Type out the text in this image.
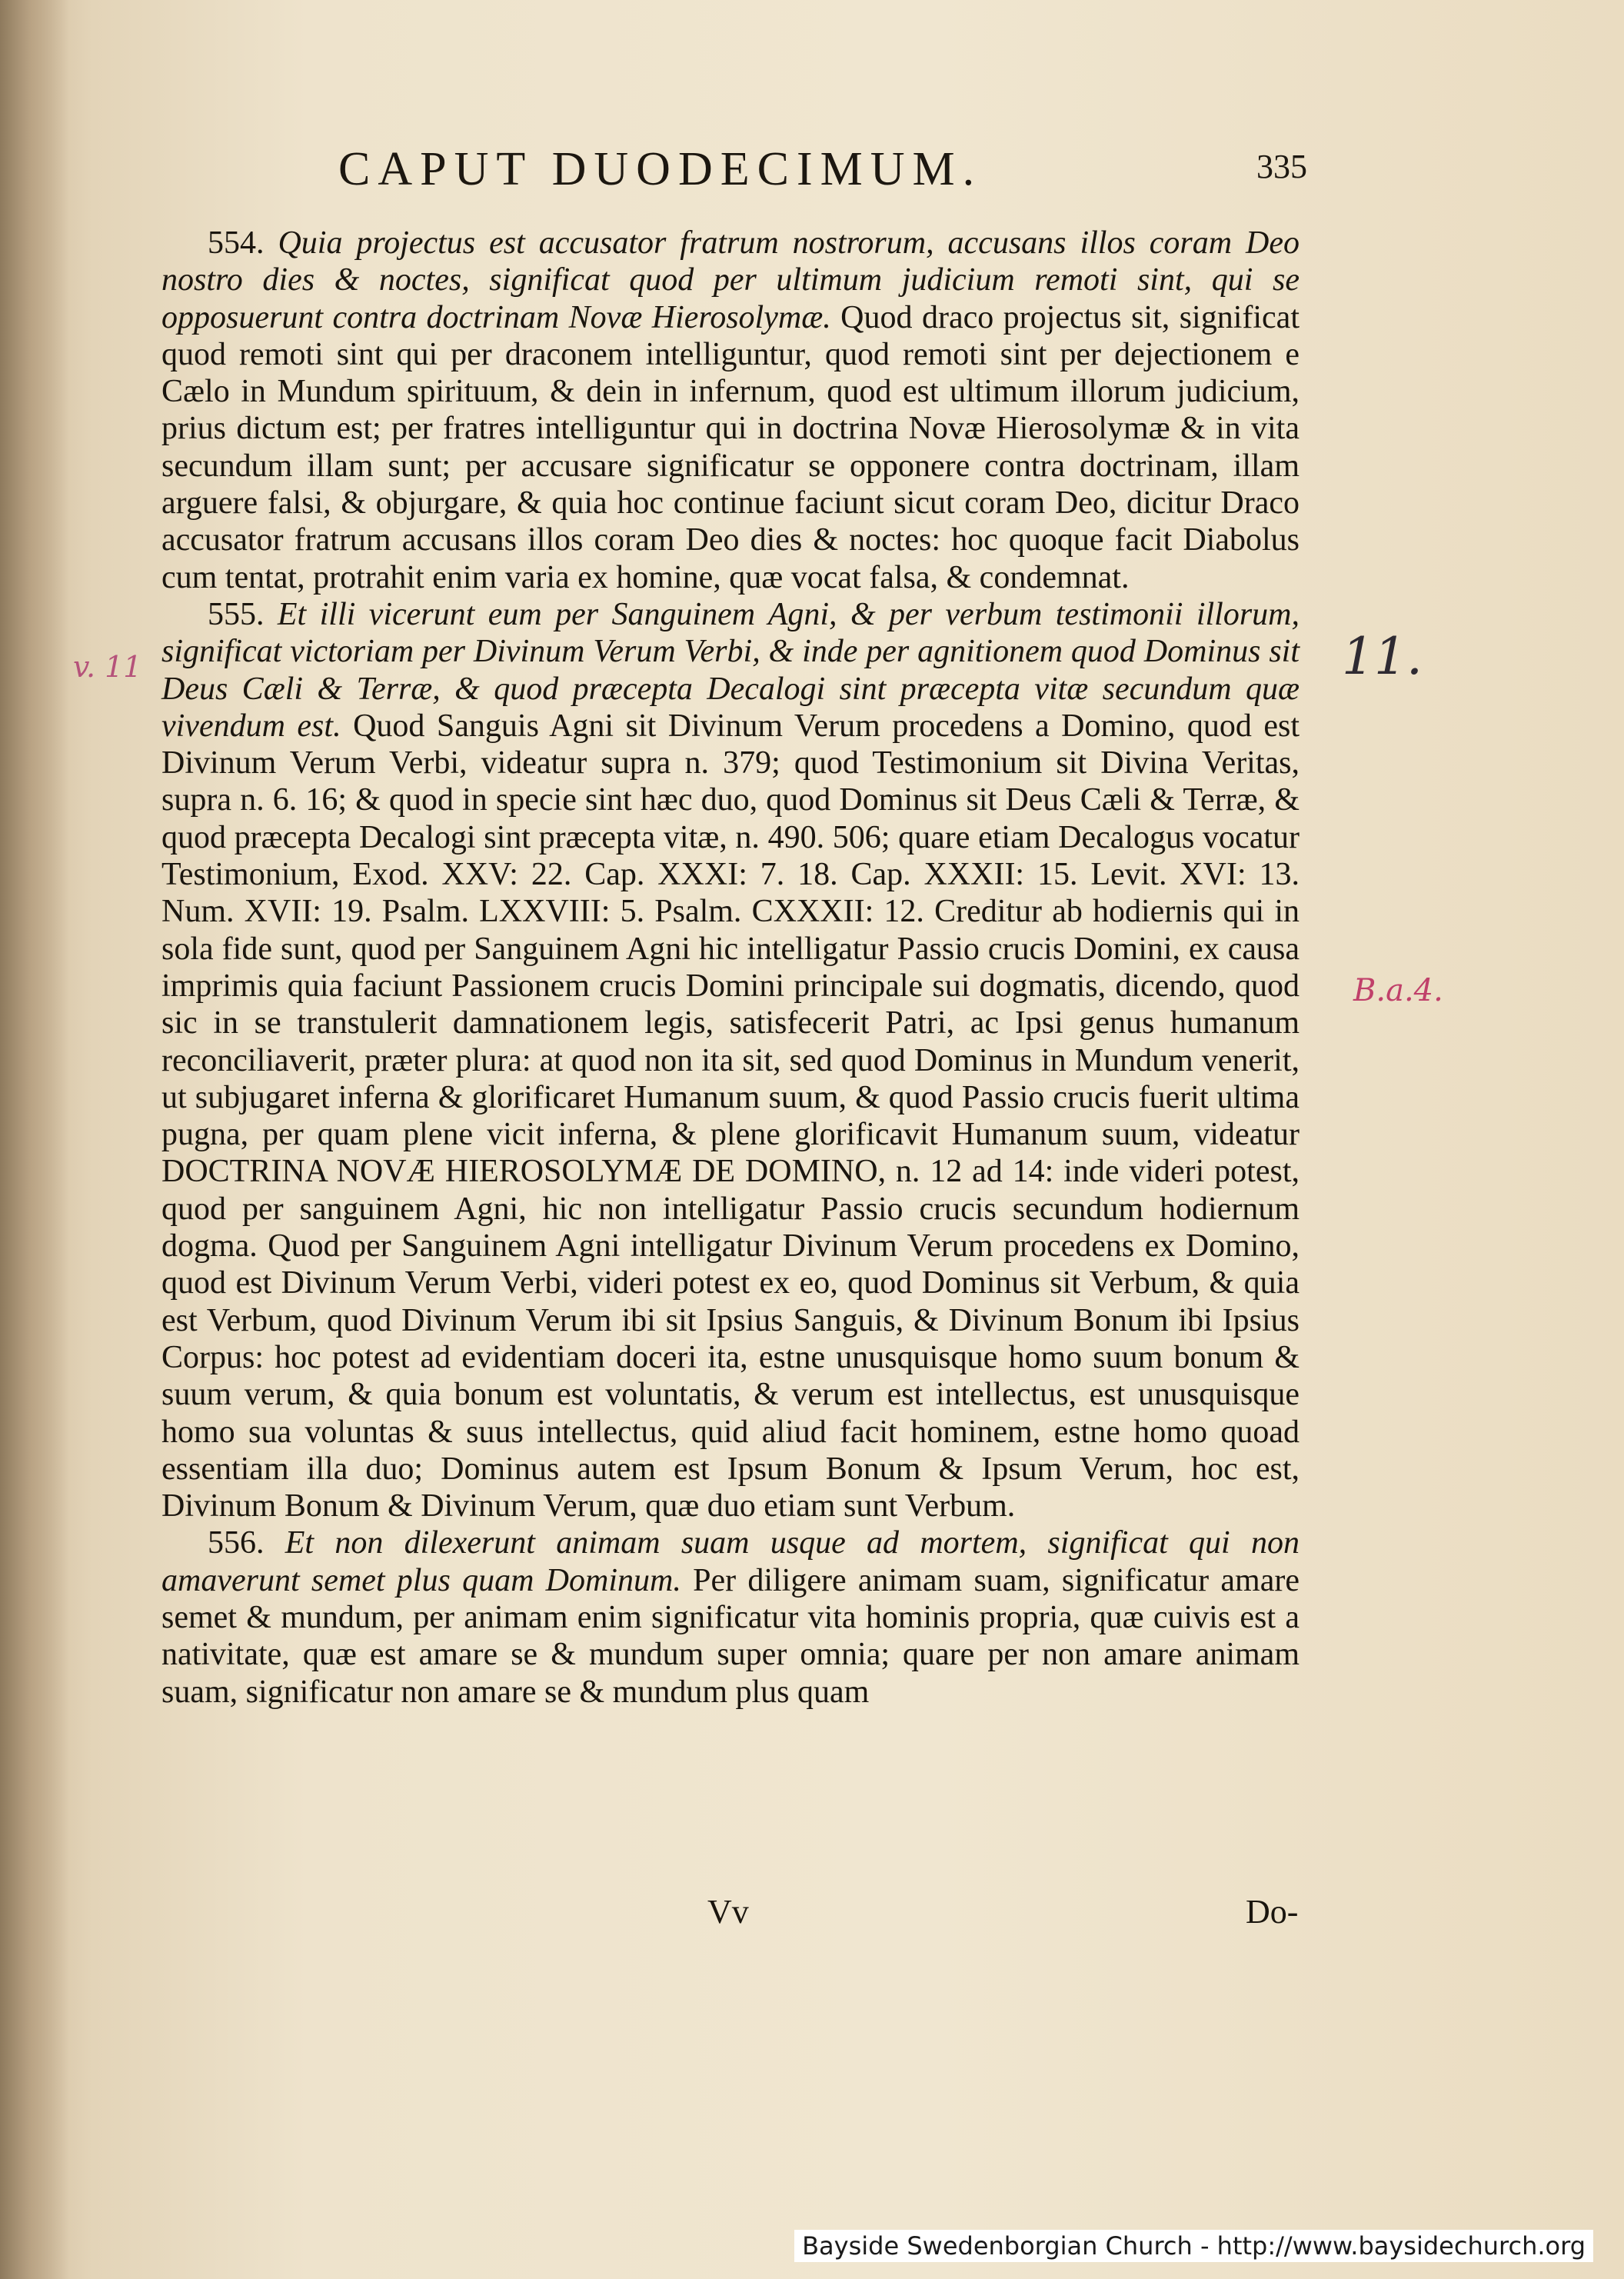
CAPUT DUODECIMUM.	335

554. Quia projectus est accusator fratrum nostrorum, accusans illos coram Deo nostro dies & noctes, significat quod per ultimum judicium remoti sint, qui se opposuerunt contra doctrinam Novæ Hierosolymæ. Quod draco projectus sit, significat quod remoti sint qui per draconem intelliguntur, quod remoti sint per dejectionem e Cælo in Mundum spirituum, & dein in infernum, quod est ultimum illorum judicium, prius dictum est; per fratres intelliguntur qui in doctrina Novæ Hierosolymæ & in vita secundum illam sunt; per accusare significatur se opponere contra doctrinam, illam arguere falsi, & objurgare, & quia hoc continue faciunt sicut coram Deo, dicitur Draco accusator fratrum accusans illos coram Deo dies & noctes: hoc quoque facit Diabolus cum tentat, protrahit enim varia ex homine, quæ vocat falsa, & condemnat.

555. Et illi vicerunt eum per Sanguinem Agni, & per verbum testimonii illorum, significat victoriam per Divinum Verum Verbi, & inde per agnitionem quod Dominus sit Deus Cæli & Terræ, & quod præcepta Decalogi sint præcepta vitæ secundum quæ vivendum est. Quod Sanguis Agni sit Divinum Verum procedens a Domino, quod est Divinum Verum Verbi, videatur supra n. 379; quod Testimonium sit Divina Veritas, supra n. 6. 16; & quod in specie sint hæc duo, quod Dominus sit Deus Cæli & Terræ, & quod præcepta Decalogi sint præcepta vitæ, n. 490. 506; quare etiam Decalogus vocatur Testimonium, Exod. XXV: 22. Cap. XXXI: 7. 18. Cap. XXXII: 15. Levit. XVI: 13. Num. XVII: 19. Psalm. LXXVIII: 5. Psalm. CXXXII: 12. Creditur ab hodiernis qui in sola fide sunt, quod per Sanguinem Agni hic intelligatur Passio crucis Domini, ex causa imprimis quia faciunt Passionem crucis Domini principale sui dogmatis, dicendo, quod sic in se transtulerit damnationem legis, satisfecerit Patri, ac Ipsi genus humanum reconciliaverit, præter plura: at quod non ita sit, sed quod Dominus in Mundum venerit, ut subjugaret inferna & glorificaret Humanum suum, & quod Passio crucis fuerit ultima pugna, per quam plene vicit inferna, & plene glorificavit Humanum suum, videatur DOCTRINA NOVÆ HIEROSOLYMÆ DE DOMINO, n. 12 ad 14: inde videri potest, quod per sanguinem Agni, hic non intelligatur Passio crucis secundum hodiernum dogma. Quod per Sanguinem Agni intelligatur Divinum Verum procedens ex Domino, quod est Divinum Verum Verbi, videri potest ex eo, quod Dominus sit Verbum, & quia est Verbum, quod Divinum Verum ibi sit Ipsius Sanguis, & Divinum Bonum ibi Ipsius Corpus: hoc potest ad evidentiam doceri ita, estne unusquisque homo suum bonum & suum verum, & quia bonum est voluntatis, & verum est intellectus, est unusquisque homo sua voluntas & suus intellectus, quid aliud facit hominem, estne homo quoad essentiam illa duo; Dominus autem est Ipsum Bonum & Ipsum Verum, hoc est, Divinum Bonum & Divinum Verum, quæ duo etiam sunt Verbum.

556. Et non dilexerunt animam suam usque ad mortem, significat qui non amaverunt semet plus quam Dominum. Per diligere animam suam, significatur amare semet & mundum, per animam enim significatur vita hominis propria, quæ cuivis est a nativitate, quæ est amare se & mundum super omnia; quare per non amare animam suam, significatur non amare se & mundum plus quam

Vv	Do-
v. 11	11.
B.a.4.
Bayside Swedenborgian Church - http://www.baysidechurch.org
